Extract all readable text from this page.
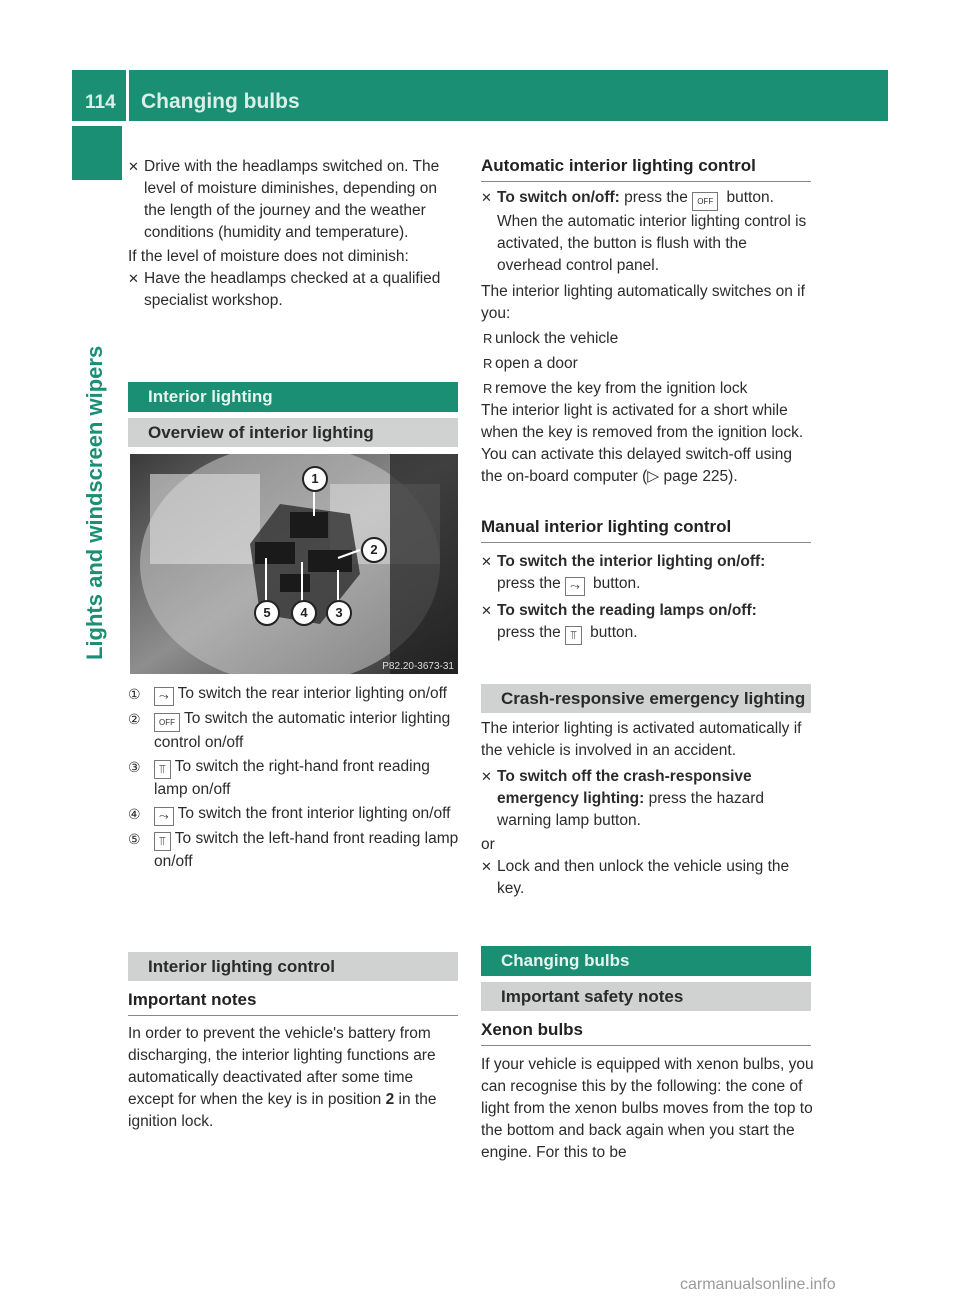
114 Changing bulbs
Lights and windscreen wipers

✕ Drive with the headlamps switched on. The level of moisture diminishes, depending on the length of the journey and the weather conditions (humidity and temperature).

If the level of moisture does not diminish:

✕ Have the headlamps checked at a qualified specialist workshop.

Interior lighting
Overview of interior lighting
1
2
3
4
5
P82.20-3673-31

① ⤳ To switch the rear interior lighting on/off

② OFF To switch the automatic interior lighting control on/off

③ ⫪ To switch the right-hand front reading lamp on/off

④ ⤳ To switch the front interior lighting on/off

⑤ ⫪ To switch the left-hand front reading lamp on/off

Interior lighting control
Important notes

In order to prevent the vehicle's battery from discharging, the interior lighting functions are automatically deactivated after some time except for when the key is in position 2 in the ignition lock.

Automatic interior lighting control

✕ To switch on/off: press the OFF button. When the automatic interior lighting control is activated, the button is flush with the overhead control panel.

The interior lighting automatically switches on if you:

R unlock the vehicle

R open a door

R remove the key from the ignition lock

The interior light is activated for a short while when the key is removed from the ignition lock. You can activate this delayed switch-off using the on-board computer (▷ page 225).

Manual interior lighting control

✕ To switch the interior lighting on/off:
press the ⤳ button.

✕ To switch the reading lamps on/off:
press the ⫪ button.

Crash-responsive emergency lighting

The interior lighting is activated automatically if the vehicle is involved in an accident.

✕ To switch off the crash-responsive emergency lighting: press the hazard warning lamp button.

or

✕ Lock and then unlock the vehicle using the key.

Changing bulbs
Important safety notes
Xenon bulbs

If your vehicle is equipped with xenon bulbs, you can recognise this by the following: the cone of light from the xenon bulbs moves from the top to the bottom and back again when you start the engine. For this to be

carmanualsonline.info
